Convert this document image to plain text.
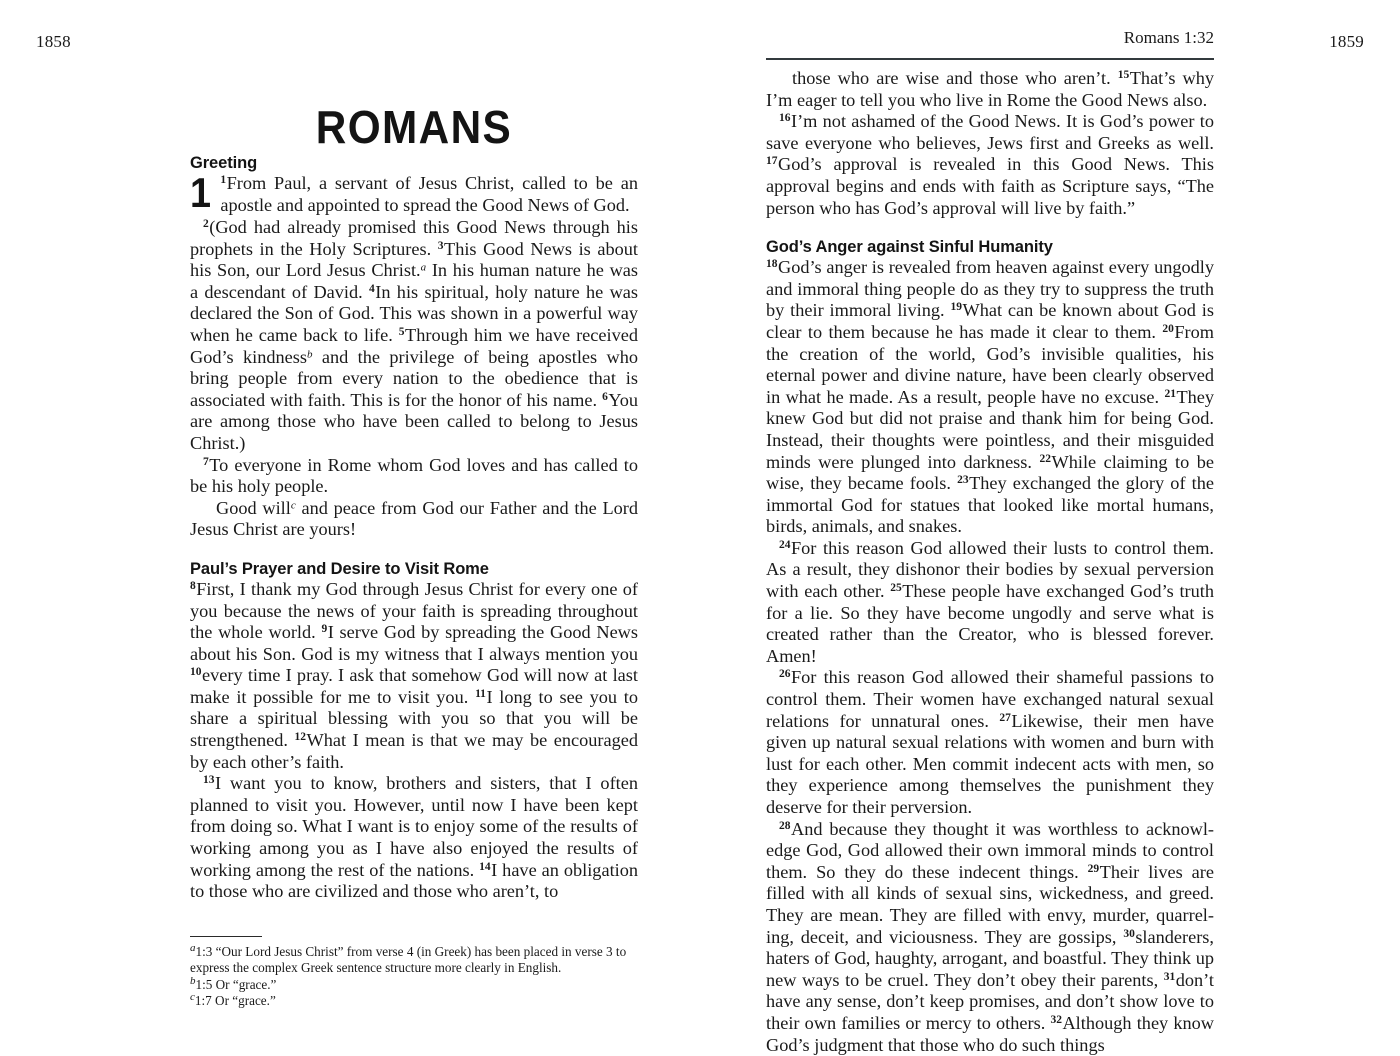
1858	1859
ROMANS
Greeting

1 $^1$From Paul, a servant of Jesus Christ, called to be an apostle and appointed to spread the Good News of God.

$^2$(God had already promised this Good News through his prophets in the Holy Scriptures. $^3$This Good News is about his Son, our Lord Jesus Christ.$^a$ In his human nature he was a descendant of David. $^4$In his spiritual, holy nature he was declared the Son of God. This was shown in a powerful way when he came back to life. $^5$Through him we have received God’s kindness$^b$ and the privilege of being apostles who bring people from every nation to the obedience that is associated with faith. This is for the honor of his name. $^6$You are among those who have been called to belong to Jesus Christ.)

$^7$To everyone in Rome whom God loves and has called to be his holy people.

Good will$^c$ and peace from God our Father and the Lord Jesus Christ are yours!

Paul’s Prayer and Desire to Visit Rome

$^8$First, I thank my God through Jesus Christ for every one of you because the news of your faith is spreading throughout the whole world. $^9$I serve God by spreading the Good News about his Son. God is my witness that I always mention you $^{10}$every time I pray. I ask that somehow God will now at last make it possible for me to visit you. $^{11}$I long to see you to share a spiritual blessing with you so that you will be strengthened. $^{12}$What I mean is that we may be encouraged by each other’s faith.

$^{13}$I want you to know, brothers and sisters, that I often planned to visit you. However, until now I have been kept from doing so. What I want is to enjoy some of the results of working among you as I have also enjoyed the results of working among the rest of the nations. $^{14}$I have an obligation to those who are civilized and those who aren’t, to

Romans 1:32

those who are wise and those who aren’t. $^{15}$That’s why I’m eager to tell you who live in Rome the Good News also.

$^{16}$I’m not ashamed of the Good News. It is God’s power to save everyone who believes, Jews first and Greeks as well. $^{17}$God’s approval is revealed in this Good News. This approval begins and ends with faith as Scripture says, “The person who has God’s approval will live by faith.”

God’s Anger against Sinful Humanity

$^{18}$God’s anger is revealed from heaven against every ungodly and immoral thing people do as they try to suppress the truth by their immoral living. $^{19}$What can be known about God is clear to them because he has made it clear to them. $^{20}$From the creation of the world, God’s invisible qualities, his eternal power and divine nature, have been clearly observed in what he made. As a result, people have no excuse. $^{21}$They knew God but did not praise and thank him for being God. Instead, their thoughts were pointless, and their misguided minds were plunged into darkness. $^{22}$While claiming to be wise, they became fools. $^{23}$They exchanged the glory of the immortal God for statues that looked like mortal humans, birds, animals, and snakes.

$^{24}$For this reason God allowed their lusts to control them. As a result, they dishonor their bodies by sexual perversion with each other. $^{25}$These people have exchanged God’s truth for a lie. So they have become ungodly and serve what is created rather than the Creator, who is blessed forever. Amen!

$^{26}$For this reason God allowed their shameful passions to control them. Their women have exchanged natural sexual relations for unnatural ones. $^{27}$Likewise, their men have given up natural sexual relations with women and burn with lust for each other. Men commit indecent acts with men, so they experience among themselves the punishment they deserve for their perversion.

$^{28}$And because they thought it was worthless to acknowledge God, God allowed their own immoral minds to control them. So they do these indecent things. $^{29}$Their lives are filled with all kinds of sexual sins, wickedness, and greed. They are mean. They are filled with envy, murder, quarreling, deceit, and viciousness. They are gossips, $^{30}$slanderers, haters of God, haughty, arrogant, and boastful. They think up new ways to be cruel. They don’t obey their parents, $^{31}$don’t have any sense, don’t keep promises, and don’t show love to their own families or mercy to others. $^{32}$Although they know God’s judgment that those who do such things

$^a$1:3 “Our Lord Jesus Christ” from verse 4 (in Greek) has been placed in verse 3 to express the complex Greek sentence structure more clearly in English.

$^b$1:5 Or “grace.”

$^c$1:7 Or “grace.”
